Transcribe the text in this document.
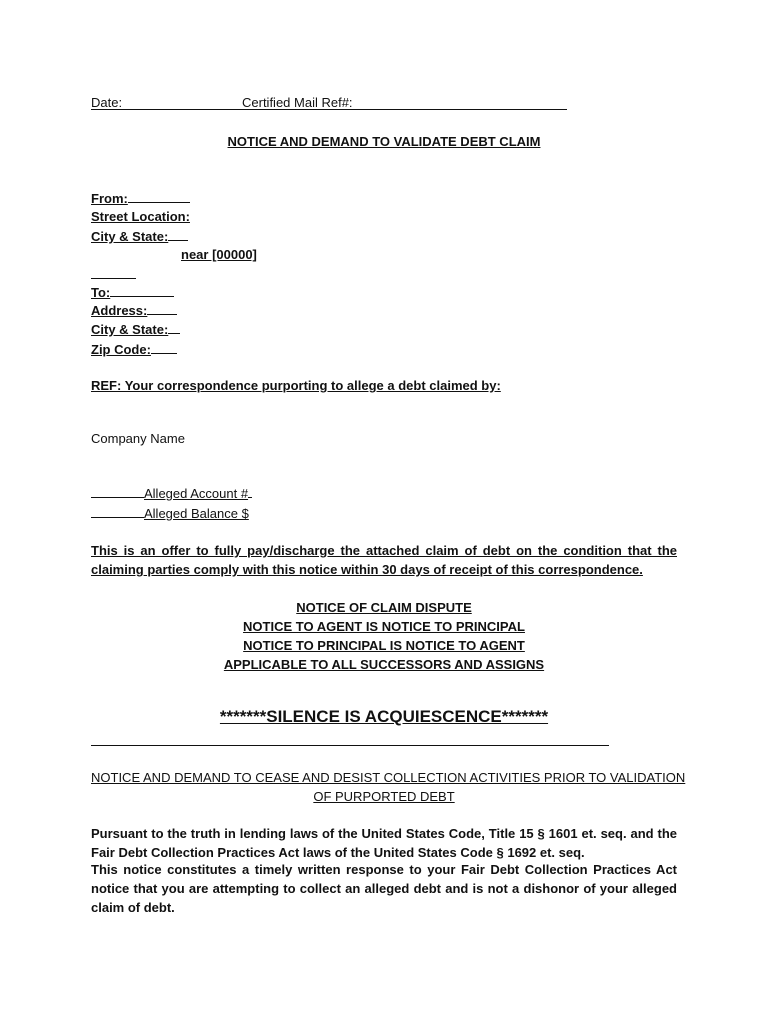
Date:	Certified Mail Ref#:
NOTICE AND DEMAND TO VALIDATE DEBT CLAIM
From:
Street Location:
City & State:
near [00000]
To:
Address:
City & State:
Zip Code:
REF: Your correspondence purporting to allege a debt claimed by:
Company Name
Alleged Account #
Alleged Balance $
This is an offer to fully pay/discharge the attached claim of debt on the condition that the claiming parties comply with this notice within 30 days of receipt of this correspondence.
NOTICE OF CLAIM DISPUTE
NOTICE TO AGENT IS NOTICE TO PRINCIPAL
NOTICE TO PRINCIPAL IS NOTICE TO AGENT
APPLICABLE TO ALL SUCCESSORS AND ASSIGNS
*******SILENCE IS ACQUIESCENCE*******
NOTICE AND DEMAND TO CEASE AND DESIST COLLECTION ACTIVITIES PRIOR TO VALIDATION
OF PURPORTED DEBT
Pursuant to the truth in lending laws of the United States Code, Title 15 § 1601 et. seq. and the Fair Debt Collection Practices Act laws of the United States Code § 1692 et. seq.
This notice constitutes a timely written response to your Fair Debt Collection Practices Act notice that you are attempting to collect an alleged debt and is not a dishonor of your alleged claim of debt.
